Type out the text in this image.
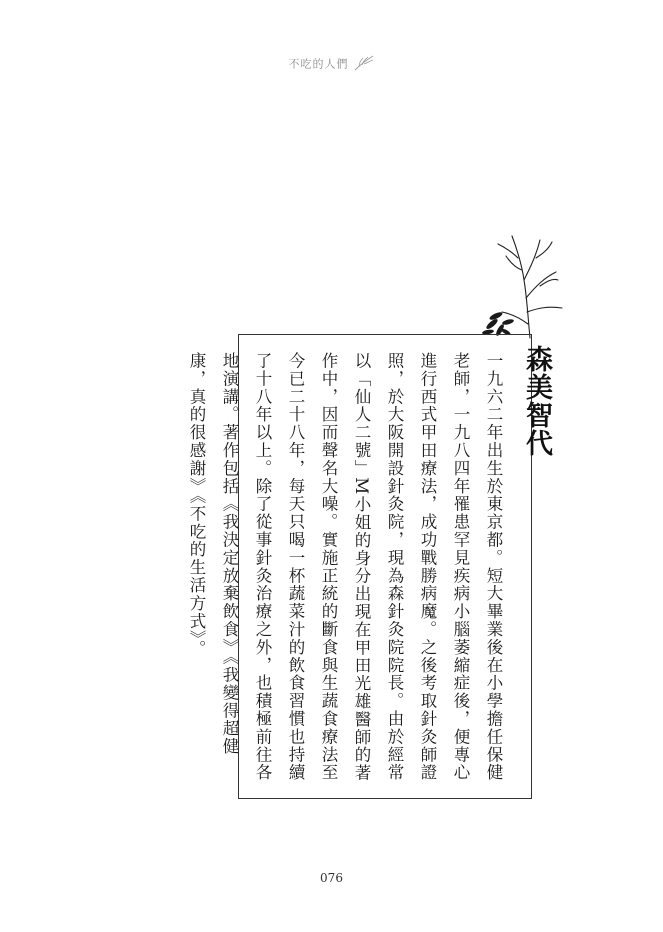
不吃的人們
森美智代

一九六二年出生於東京都。短大畢業後在小學擔任保健老師，一九八四年罹患罕見疾病小腦萎縮症後，便專心進行西式甲田療法，成功戰勝病魔。之後考取針灸師證照，於大阪開設針灸院，現為森針灸院院長。由於經常以「仙人二號」M小姐的身分出現在甲田光雄醫師的著作中，因而聲名大噪。實施正統的斷食與生蔬食療法至今已二十八年，每天只喝一杯蔬菜汁的飲食習慣也持續了十八年以上。除了從事針灸治療之外，也積極前往各地演講。著作包括《我決定放棄飲食》《我變得超健康，真的很感謝》《不吃的生活方式》。

076
